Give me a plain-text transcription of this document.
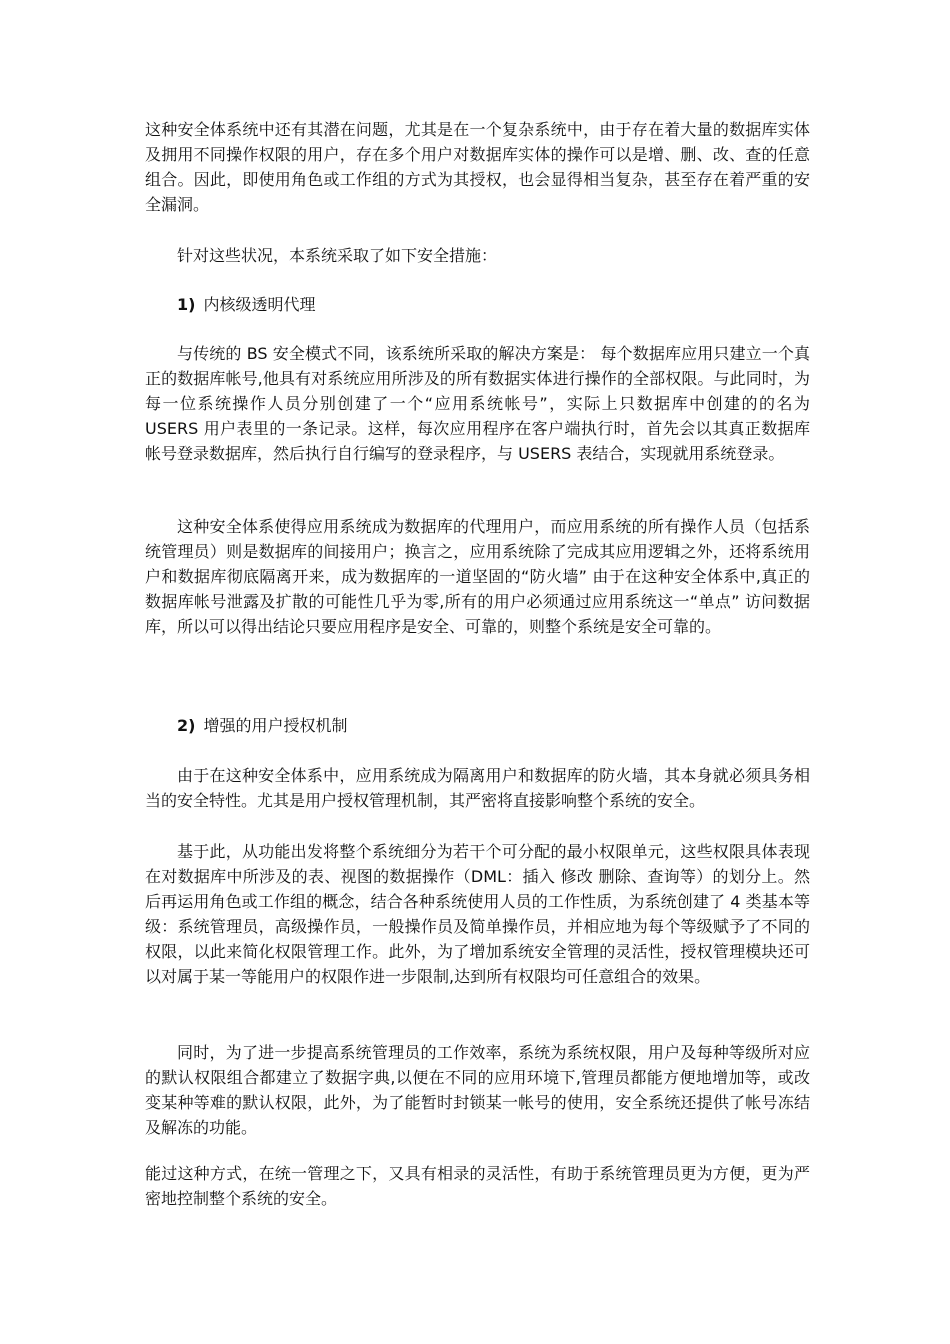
这种安全体系统中还有其潜在问题，尤其是在一个复杂系统中，由于存在着大量的数据库实体及拥用不同操作权限的用户，存在多个用户对数据库实体的操作可以是增、删、改、查的任意组合。因此，即使用角色或工作组的方式为其授权，也会显得相当复杂，甚至存在着严重的安全漏洞。

针对这些状况，本系统采取了如下安全措施：

1) 内核级透明代理

与传统的 BS 安全模式不同，该系统所采取的解决方案是： 每个数据库应用只建立一个真正的数据库帐号,他具有对系统应用所涉及的所有数据实体进行操作的全部权限。与此同时，为每一位系统操作人员分别创建了一个“应用系统帐号”，实际上只数据库中创建的的名为 USERS 用户表里的一条记录。这样，每次应用程序在客户端执行时，首先会以其真正数据库帐号登录数据库，然后执行自行编写的登录程序，与 USERS 表结合，实现就用系统登录。

这种安全体系使得应用系统成为数据库的代理用户，而应用系统的所有操作人员（包括系统管理员）则是数据库的间接用户；换言之，应用系统除了完成其应用逻辑之外，还将系统用户和数据库彻底隔离开来，成为数据库的一道坚固的“防火墙” 由于在这种安全体系中,真正的数据库帐号泄露及扩散的可能性几乎为零,所有的用户必须通过应用系统这一“单点” 访问数据库，所以可以得出结论只要应用程序是安全、可靠的，则整个系统是安全可靠的。

2) 增强的用户授权机制

由于在这种安全体系中，应用系统成为隔离用户和数据库的防火墙，其本身就必须具务相当的安全特性。尤其是用户授权管理机制，其严密将直接影响整个系统的安全。

基于此，从功能出发将整个系统细分为若干个可分配的最小权限单元，这些权限具体表现在对数据库中所涉及的表、视图的数据操作（DML：插入 修改 删除、查询等）的划分上。然后再运用角色或工作组的概念，结合各种系统使用人员的工作性质，为系统创建了 4 类基本等级：系统管理员，高级操作员，一般操作员及简单操作员，并相应地为每个等级赋予了不同的权限，以此来简化权限管理工作。此外，为了增加系统安全管理的灵活性，授权管理模块还可以对属于某一等能用户的权限作进一步限制,达到所有权限均可任意组合的效果。

同时，为了进一步提高系统管理员的工作效率，系统为系统权限，用户及每种等级所对应的默认权限组合都建立了数据字典,以便在不同的应用环境下,管理员都能方便地增加等，或改变某种等难的默认权限，此外，为了能暂时封锁某一帐号的使用，安全系统还提供了帐号冻结及解冻的功能。

能过这种方式，在统一管理之下，又具有相录的灵活性，有助于系统管理员更为方便，更为严密地控制整个系统的安全。
